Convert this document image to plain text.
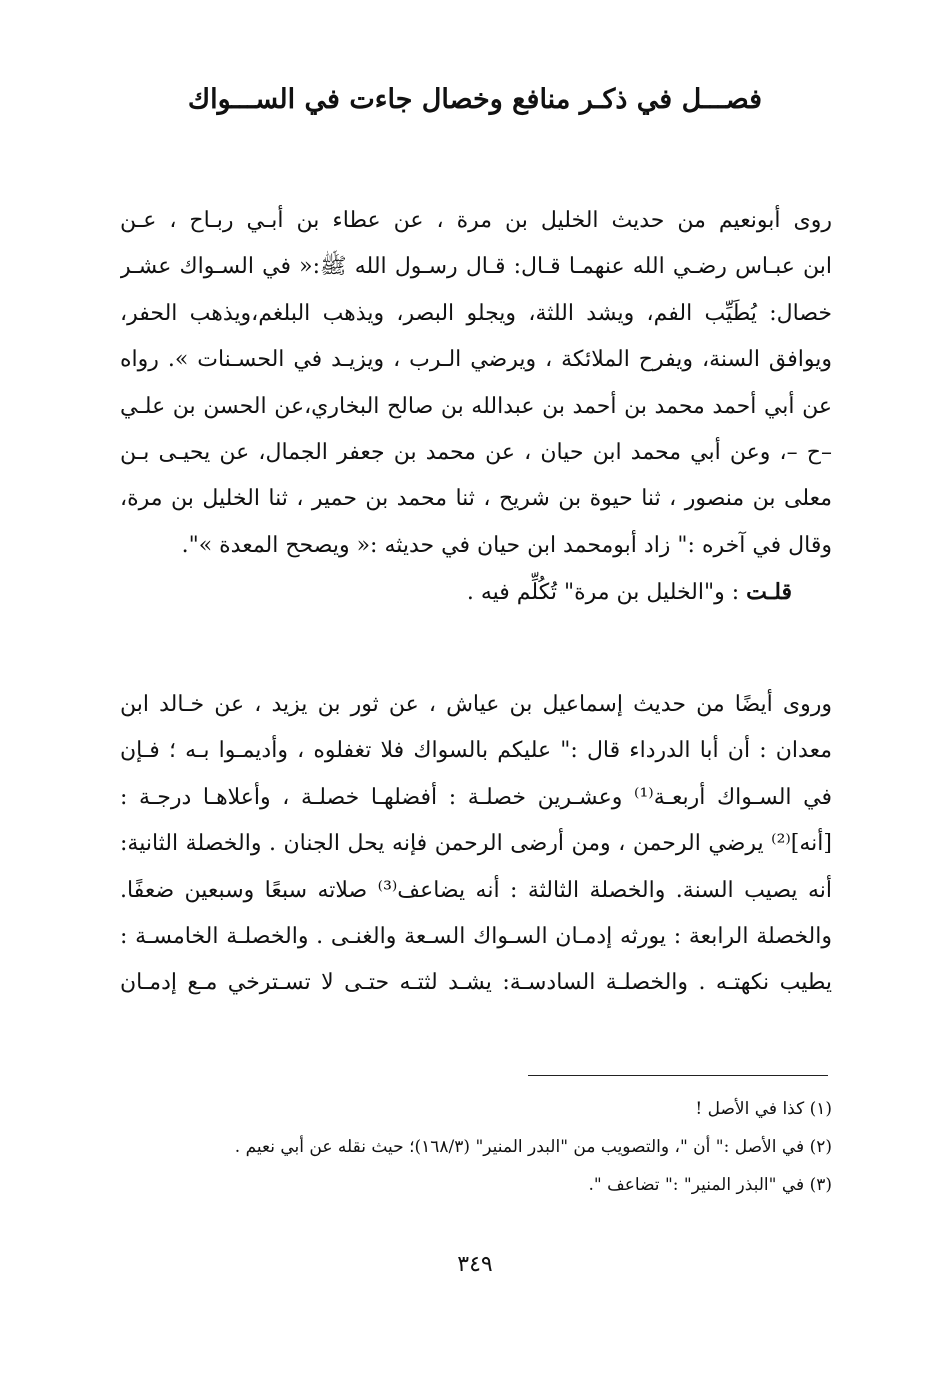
فصـــل في ذكـر منافع وخصال جاءت في الســـواك
روى أبونعيم من حديث الخليل بن مرة ، عن عطاء بن أبـي ربـاح ، عـن
ابن عبـاس رضـي الله عنهمـا قـال: قـال رسـول الله ﷺ:« في السـواك عشـر
خصال: يُطَيِّب الفم، ويشد اللثة، ويجلو البصر، ويذهب البلغم،ويذهب الحفر،
ويوافق السنة، ويفرح الملائكة ، ويرضي الـرب ، ويزيـد في الحسـنات ». رواه
عن أبي أحمد محمد بن أحمد بن عبدالله بن صالح البخاري،عن الحسن بن علـي
–ح –، وعن أبي محمد ابن حيان ، عن محمد بن جعفر الجمال، عن يحيـى بـن
معلى بن منصور ، ثنا حيوة بن شريح ، ثنا محمد بن حمير ، ثنا الخليل بن مرة،
وقال في آخره :" زاد أبومحمد ابن حيان في حديثه :« ويصحح المعدة »".
قلـت : و"الخليل بن مرة" تُكُلِّم فيه .
وروى أيضًا من حديث إسماعيل بن عياش ، عن ثور بن يزيد ، عن خـالد ابن
معدان : أن أبا الدرداء قال :" عليكم بالسواك فلا تغفلوه ، وأديمـوا بـه ؛ فـإن
في السـواك أربعـة⁽¹⁾ وعشـرين خصلـة : أفضلهـا خصلـة ، وأعلاهـا درجـة :
[أنه]⁽²⁾ يرضي الرحمن ، ومن أرضى الرحمن فإنه يحل الجنان . والخصلة الثانية:
أنه يصيب السنة. والخصلة الثالثة : أنه يضاعف⁽³⁾ صلاته سبعًا وسبعين ضعفًا.
والخصلة الرابعة : يورثه إدمـان السـواك السـعة والغنـى . والخصلـة الخامسـة :
يطيب نكهتـه . والخصلـة السادسـة: يشـد لثتـه حتـى لا تسـترخي مـع إدمـان
(١) كذا في الأصل !
(٢) في الأصل :" أن "، والتصويب من "البدر المنير" (١٦٨/٣)؛ حيث نقله عن أبي نعيم .
(٣) في "البذر المنير" :" تضاعف ".
٣٤٩
